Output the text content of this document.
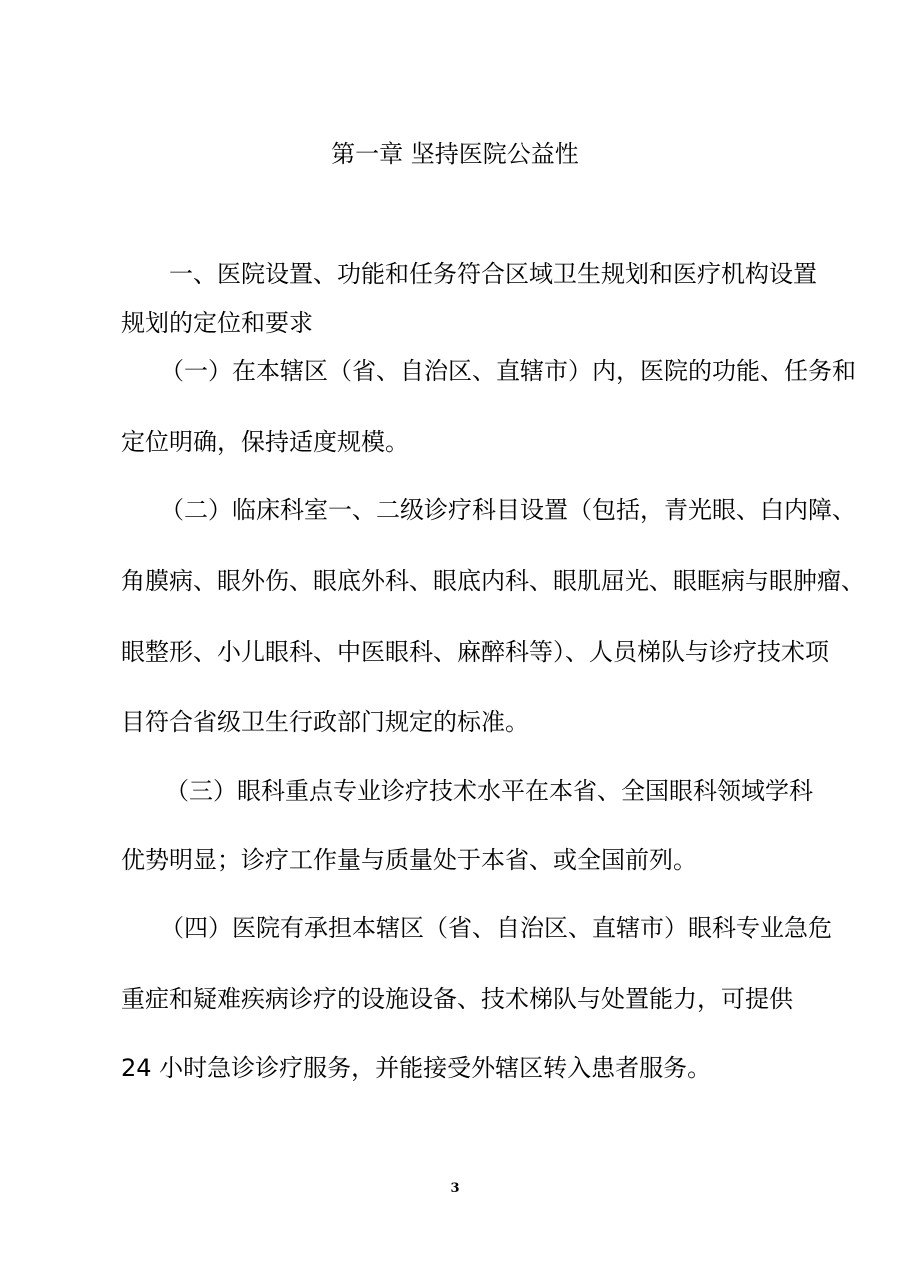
第一章 坚持医院公益性
一、医院设置、功能和任务符合区域卫生规划和医疗机构设置
规划的定位和要求
（一）在本辖区（省、自治区、直辖市）内，医院的功能、任务和
定位明确，保持适度规模。
（二）临床科室一、二级诊疗科目设置（包括，青光眼、白内障、
角膜病、眼外伤、眼底外科、眼底内科、眼肌屈光、眼眶病与眼肿瘤、
眼整形、小儿眼科、中医眼科、麻醉科等）、人员梯队与诊疗技术项
目符合省级卫生行政部门规定的标准。
（三）眼科重点专业诊疗技术水平在本省、全国眼科领域学科
优势明显；诊疗工作量与质量处于本省、或全国前列。
（四）医院有承担本辖区（省、自治区、直辖市）眼科专业急危
重症和疑难疾病诊疗的设施设备、技术梯队与处置能力，可提供
24 小时急诊诊疗服务，并能接受外辖区转入患者服务。
3
